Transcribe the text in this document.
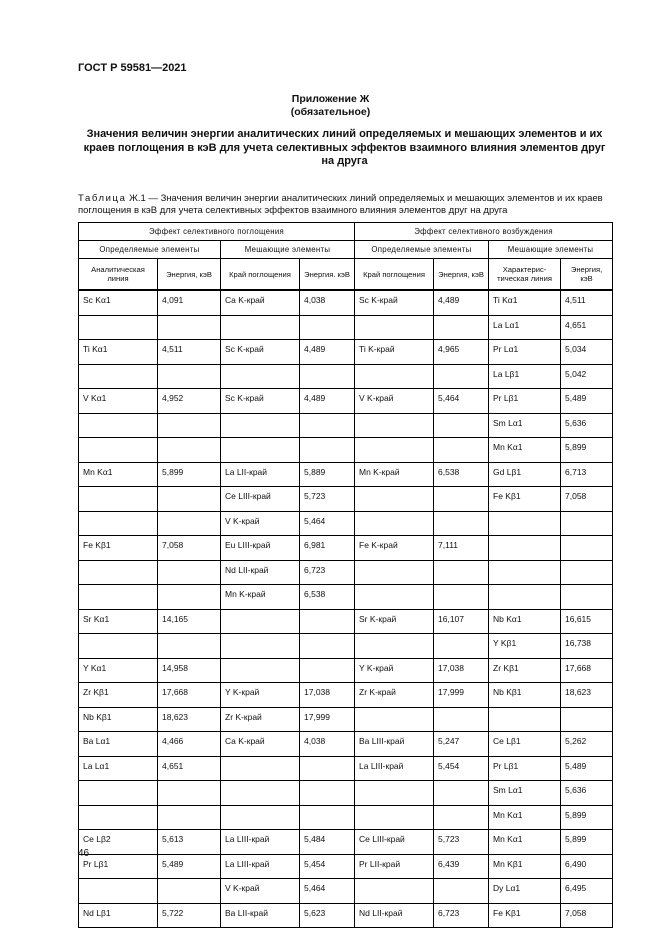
ГОСТ Р 59581—2021
Приложение Ж
(обязательное)
Значения величин энергии аналитических линий определяемых и мешающих элементов и их краев поглощения в кэВ для учета селективных эффектов взаимного влияния элементов друг на друга
Таблица Ж.1 — Значения величин энергии аналитических линий определяемых и мешающих элементов и их краев поглощения в кэВ для учета селективных эффектов взаимного влияния элементов друг на друга
Эффект селективного поглощения				Эффект селективного возбуждения			
Определяемые элементы		Мешающие элементы		Определяемые элементы		Мешающие элементы	
Аналитическая линия	Энергия, кэВ	Край поглощения	Энергия. кэВ	Край поглощения	Энергия, кэВ	Характерис-тическая линия	Энергия, кэВ
Sc Kα1	4,091	Ca K-край	4,038	Sc K-край	4,489	Ti Kα1	4,511
						La Lα1	4,651
Ti Kα1	4,511	Sc K-край	4,489	Ti K-край	4,965	Pr Lα1	5,034
						La Lβ1	5,042
V Kα1	4,952	Sc K-край	4,489	V K-край	5,464	Pr Lβ1	5,489
						Sm Lα1	5,636
						Mn Kα1	5,899
Mn Kα1	5,899	La LII-край	5,889	Mn K-край	6,538	Gd Lβ1	6,713
		Ce LIII-край	5,723			Fe Kβ1	7,058
		V K-край	5,464				
Fe Kβ1	7,058	Eu LIII-край	6,981	Fe K-край	7,111		
		Nd LII-край	6,723				
		Mn K-край	6,538				
Sr Kα1	14,165			Sr K-край	16,107	Nb Kα1	16,615
						Y Kβ1	16,738
Y Kα1	14,958			Y K-край	17,038	Zr Kβ1	17,668
Zr Kβ1	17,668	Y K-край	17,038	Zr K-край	17,999	Nb Kβ1	18,623
Nb Kβ1	18,623	Zr K-край	17,999				
Ba Lα1	4,466	Ca K-край	4,038	Ba LIII-край	5,247	Ce Lβ1	5,262
La Lα1	4,651			La LIII-край	5,454	Pr Lβ1	5,489
						Sm Lα1	5,636
						Mn Kα1	5,899
Ce Lβ2	5,613	La LIII-край	5,484	Ce LIII-край	5,723	Mn Kα1	5,899
Pr Lβ1	5,489	La LIII-край	5,454	Pr LII-край	6,439	Mn Kβ1	6,490
		V K-край	5,464			Dy Lα1	6,495
Nd Lβ1	5,722	Ba LII-край	5,623	Nd LII-край	6,723	Fe Kβ1	7,058
46
